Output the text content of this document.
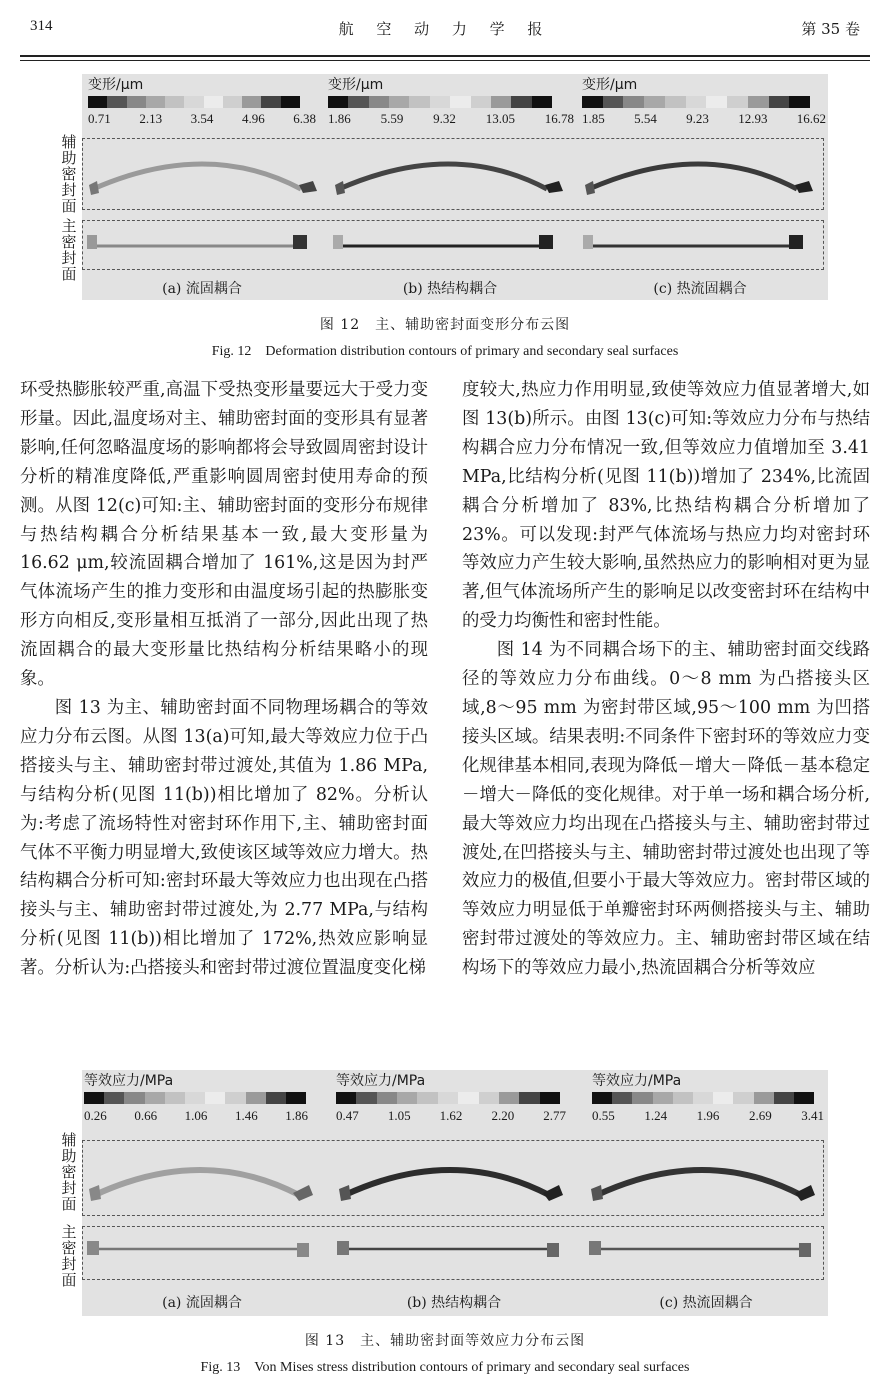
314	航 空 动 力 学 报	第 35 卷
变形/μm
0.71 2.13 3.54 4.96 6.38
变形/μm
1.86 5.59 9.32 13.05 16.78
变形/μm
1.85 5.54 9.23 12.93 16.62
(a) 流固耦合	(b) 热结构耦合	(c) 热流固耦合
辅助密封面
主密封面
图 12　主、辅助密封面变形分布云图
Fig. 12　Deformation distribution contours of primary and secondary seal surfaces

环受热膨胀较严重,高温下受热变形量要远大于受力变形量。因此,温度场对主、辅助密封面的变形具有显著影响,任何忽略温度场的影响都将会导致圆周密封设计分析的精准度降低,严重影响圆周密封使用寿命的预测。从图 12(c)可知:主、辅助密封面的变形分布规律与热结构耦合分析结果基本一致,最大变形量为 16.62 μm,较流固耦合增加了 161%,这是因为封严气体流场产生的推力变形和由温度场引起的热膨胀变形方向相反,变形量相互抵消了一部分,因此出现了热流固耦合的最大变形量比热结构分析结果略小的现象。

图 13 为主、辅助密封面不同物理场耦合的等效应力分布云图。从图 13(a)可知,最大等效应力位于凸搭接头与主、辅助密封带过渡处,其值为 1.86 MPa,与结构分析(见图 11(b))相比增加了 82%。分析认为:考虑了流场特性对密封环作用下,主、辅助密封面气体不平衡力明显增大,致使该区域等效应力增大。热结构耦合分析可知:密封环最大等效应力也出现在凸搭接头与主、辅助密封带过渡处,为 2.77 MPa,与结构分析(见图 11(b))相比增加了 172%,热效应影响显著。分析认为:凸搭接头和密封带过渡位置温度变化梯

度较大,热应力作用明显,致使等效应力值显著增大,如图 13(b)所示。由图 13(c)可知:等效应力分布与热结构耦合应力分布情况一致,但等效应力值增加至 3.41 MPa,比结构分析(见图 11(b))增加了 234%,比流固耦合分析增加了 83%,比热结构耦合分析增加了 23%。可以发现:封严气体流场与热应力均对密封环等效应力产生较大影响,虽然热应力的影响相对更为显著,但气体流场所产生的影响足以改变密封环在结构中的受力均衡性和密封性能。

图 14 为不同耦合场下的主、辅助密封面交线路径的等效应力分布曲线。0～8 mm 为凸搭接头区域,8～95 mm 为密封带区域,95～100 mm 为凹搭接头区域。结果表明:不同条件下密封环的等效应力变化规律基本相同,表现为降低－增大－降低－基本稳定－增大－降低的变化规律。对于单一场和耦合场分析,最大等效应力均出现在凸搭接头与主、辅助密封带过渡处,在凹搭接头与主、辅助密封带过渡处也出现了等效应力的极值,但要小于最大等效应力。密封带区域的等效应力明显低于单瓣密封环两侧搭接头与主、辅助密封带过渡处的等效应力。主、辅助密封带区域在结构场下的等效应力最小,热流固耦合分析等效应

等效应力/MPa
0.26 0.66 1.06 1.46 1.86
等效应力/MPa
0.47 1.05 1.62 2.20 2.77
等效应力/MPa
0.55 1.24 1.96 2.69 3.41
(a) 流固耦合	(b) 热结构耦合	(c) 热流固耦合
辅助密封面
主密封面
图 13　主、辅助密封面等效应力分布云图
Fig. 13　Von Mises stress distribution contours of primary and secondary seal surfaces
